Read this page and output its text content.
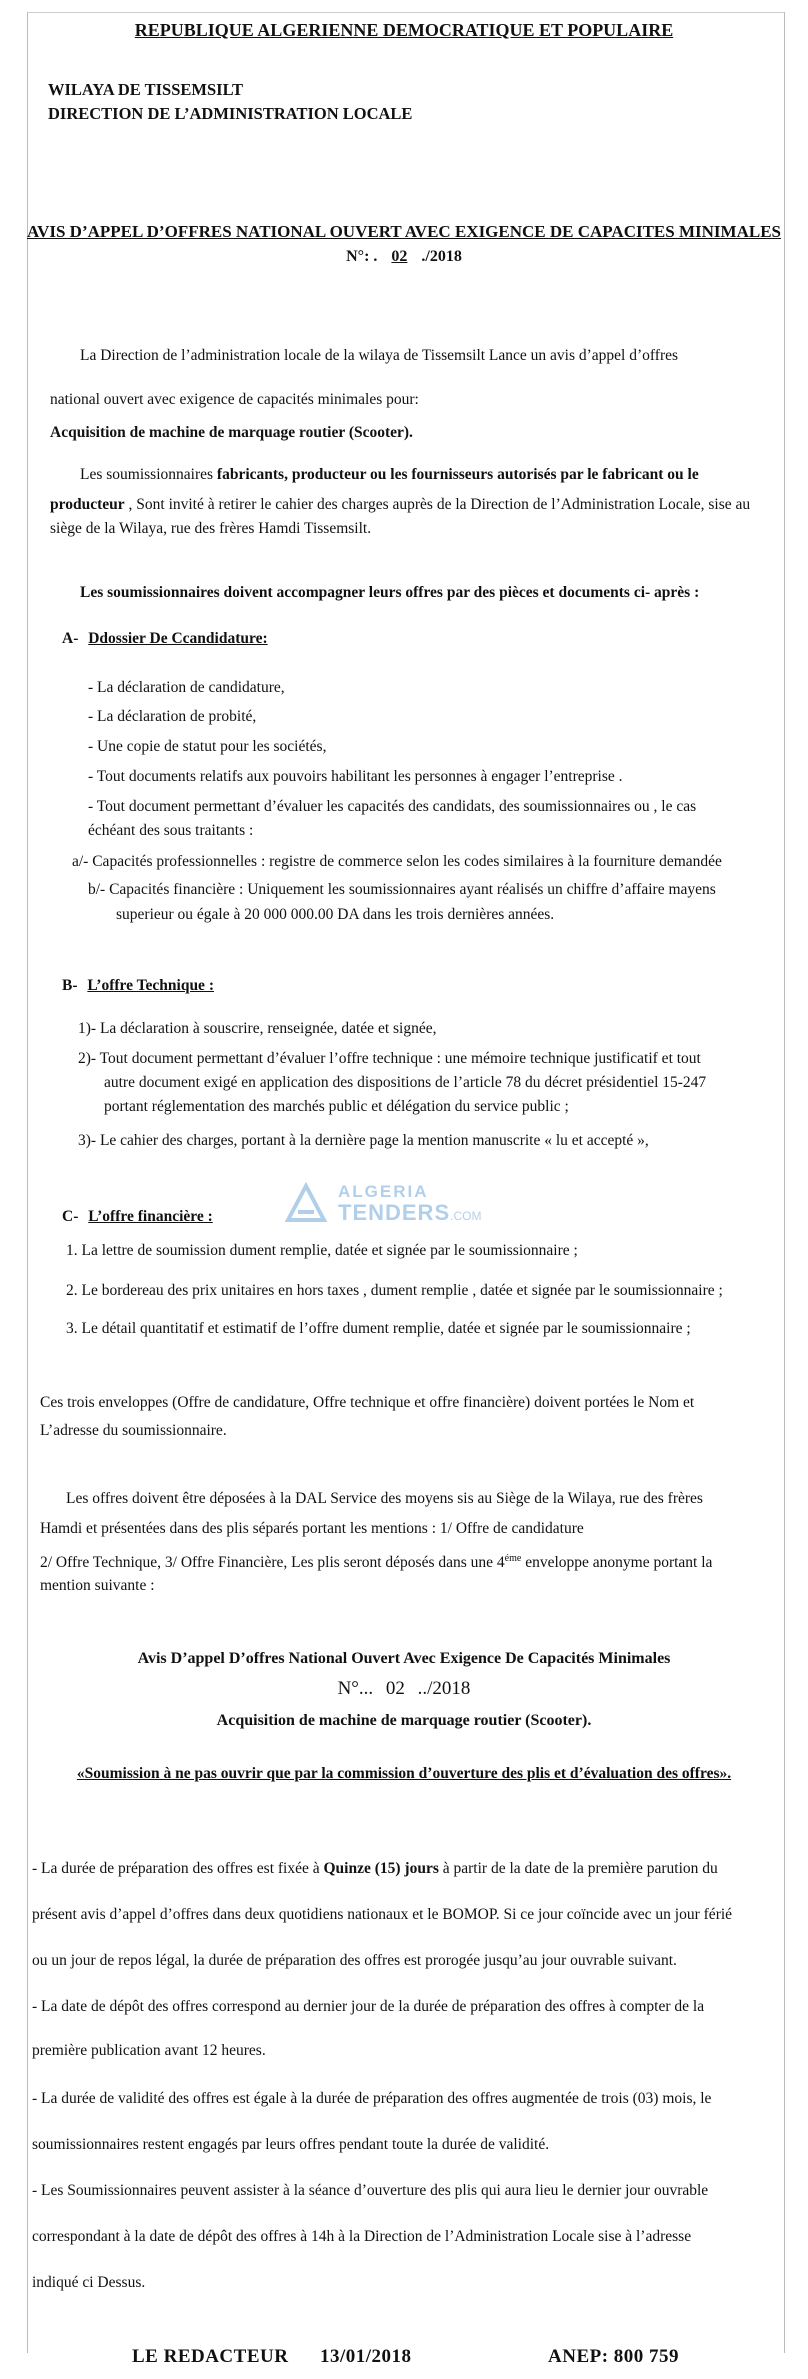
REPUBLIQUE ALGERIENNE DEMOCRATIQUE ET POPULAIRE
WILAYA DE TISSEMSILT
DIRECTION DE L’ADMINISTRATION LOCALE
AVIS D’APPEL D’OFFRES NATIONAL OUVERT AVEC EXIGENCE DE CAPACITES MINIMALES
N°: . 02 ./2018
La Direction de l’administration locale de la wilaya de Tissemsilt Lance un avis d’appel d’offres
national ouvert avec exigence de capacités minimales pour:
Acquisition de machine de marquage routier (Scooter).
Les soumissionnaires fabricants, producteur ou les fournisseurs autorisés par le fabricant ou le
producteur , Sont invité à retirer le cahier des charges auprès de la Direction de l’Administration Locale, sise au
siège de la Wilaya, rue des frères Hamdi Tissemsilt.
Les soumissionnaires doivent accompagner leurs offres par des pièces et documents ci- après :
A- Ddossier De Ccandidature:
- La déclaration de candidature,
- La déclaration de probité,
- Une copie de statut pour les sociétés,
- Tout documents relatifs aux pouvoirs habilitant les personnes à engager l’entreprise .
- Tout document permettant d’évaluer les capacités des candidats, des soumissionnaires ou , le cas
échéant des sous traitants :
a/- Capacités professionnelles : registre de commerce selon les codes similaires à la fourniture demandée
b/- Capacités financière : Uniquement les soumissionnaires ayant réalisés un chiffre d’affaire mayens
superieur ou égale à 20 000 000.00 DA dans les trois dernières années.
B- L’offre Technique :
1)- La déclaration à souscrire, renseignée, datée et signée,
2)- Tout document permettant d’évaluer l’offre technique : une mémoire technique justificatif et tout
autre document exigé en application des dispositions de l’article 78 du décret présidentiel 15-247
portant réglementation des marchés public et délégation du service public ;
3)- Le cahier des charges, portant à la dernière page la mention manuscrite « lu et accepté »,
ALGERIA
TENDERS.COM
C- L’offre financière :
1. La lettre de soumission dument remplie, datée et signée par le soumissionnaire ;
2. Le bordereau des prix unitaires en hors taxes , dument remplie , datée et signée par le soumissionnaire ;
3. Le détail quantitatif et estimatif de l’offre dument remplie, datée et signée par le soumissionnaire ;
Ces trois enveloppes (Offre de candidature, Offre technique et offre financière) doivent portées le Nom et
L’adresse du soumissionnaire.
Les offres doivent être déposées à la DAL Service des moyens sis au Siège de la Wilaya, rue des frères
Hamdi et présentées dans des plis séparés portant les mentions : 1/ Offre de candidature
2/ Offre Technique, 3/ Offre Financière, Les plis seront déposés dans une $4^{éme}$ enveloppe anonyme portant la
mention suivante :
Avis D’appel D’offres National Ouvert Avec Exigence De Capacités Minimales
N°... 02 ../2018
Acquisition de machine de marquage routier (Scooter).
«Soumission à ne pas ouvrir que par la commission d’ouverture des plis et d’évaluation des offres».
- La durée de préparation des offres est fixée à Quinze (15) jours à partir de la date de la première parution du
présent avis d’appel d’offres dans deux quotidiens nationaux et le BOMOP. Si ce jour coïncide avec un jour férié
ou un jour de repos légal, la durée de préparation des offres est prorogée jusqu’au jour ouvrable suivant.
- La date de dépôt des offres correspond au dernier jour de la durée de préparation des offres à compter de la
première publication avant 12 heures.
- La durée de validité des offres est égale à la durée de préparation des offres augmentée de trois (03) mois, le
soumissionnaires restent engagés par leurs offres pendant toute la durée de validité.
- Les Soumissionnaires peuvent assister à la séance d’ouverture des plis qui aura lieu le dernier jour ouvrable
correspondant à la date de dépôt des offres à 14h à la Direction de l’Administration Locale sise à l’adresse
indiqué ci Dessus.
LE REDACTEUR 13/01/2018	ANEP: 800 759
